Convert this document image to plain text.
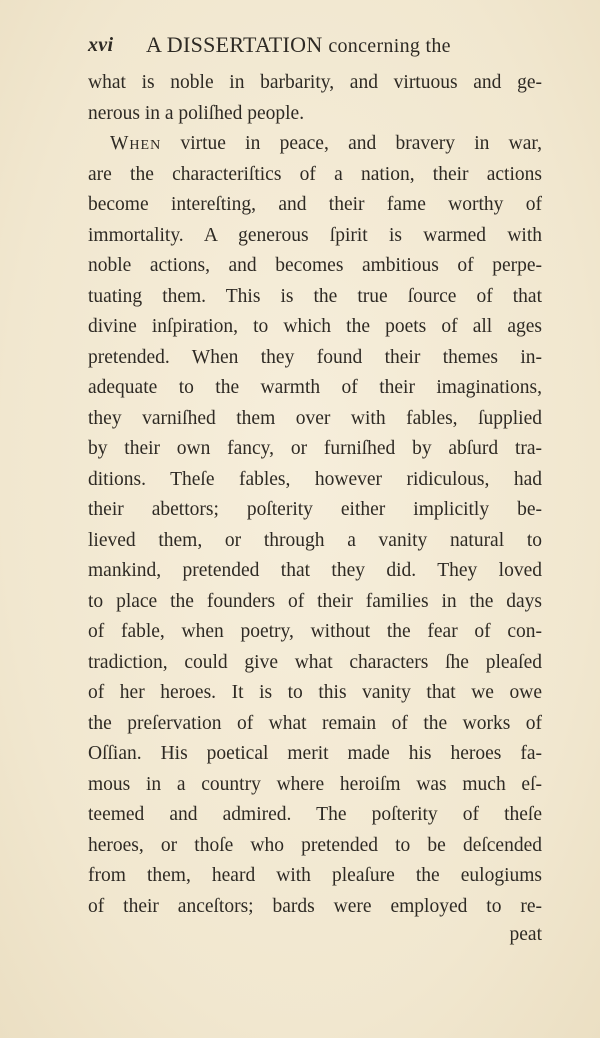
xvi A DISSERTATION concerning the
what is noble in barbarity, and virtuous and ge-
nerous in a poliſhed people.
When virtue in peace, and bravery in war,
are the characteriſtics of a nation, their actions
become intereſting, and their fame worthy of
immortality. A generous ſpirit is warmed with
noble actions, and becomes ambitious of perpe-
tuating them. This is the true ſource of that
divine inſpiration, to which the poets of all ages
pretended. When they found their themes in-
adequate to the warmth of their imaginations,
they varniſhed them over with fables, ſupplied
by their own fancy, or furniſhed by abſurd tra-
ditions. Theſe fables, however ridiculous, had
their abettors; poſterity either implicitly be-
lieved them, or through a vanity natural to
mankind, pretended that they did. They loved
to place the founders of their families in the days
of fable, when poetry, without the fear of con-
tradiction, could give what characters ſhe pleaſed
of her heroes. It is to this vanity that we owe
the preſervation of what remain of the works of
Oſſian. His poetical merit made his heroes fa-
mous in a country where heroiſm was much eſ-
teemed and admired. The poſterity of theſe
heroes, or thoſe who pretended to be deſcended
from them, heard with pleaſure the eulogiums
of their anceſtors; bards were employed to re-
peat
